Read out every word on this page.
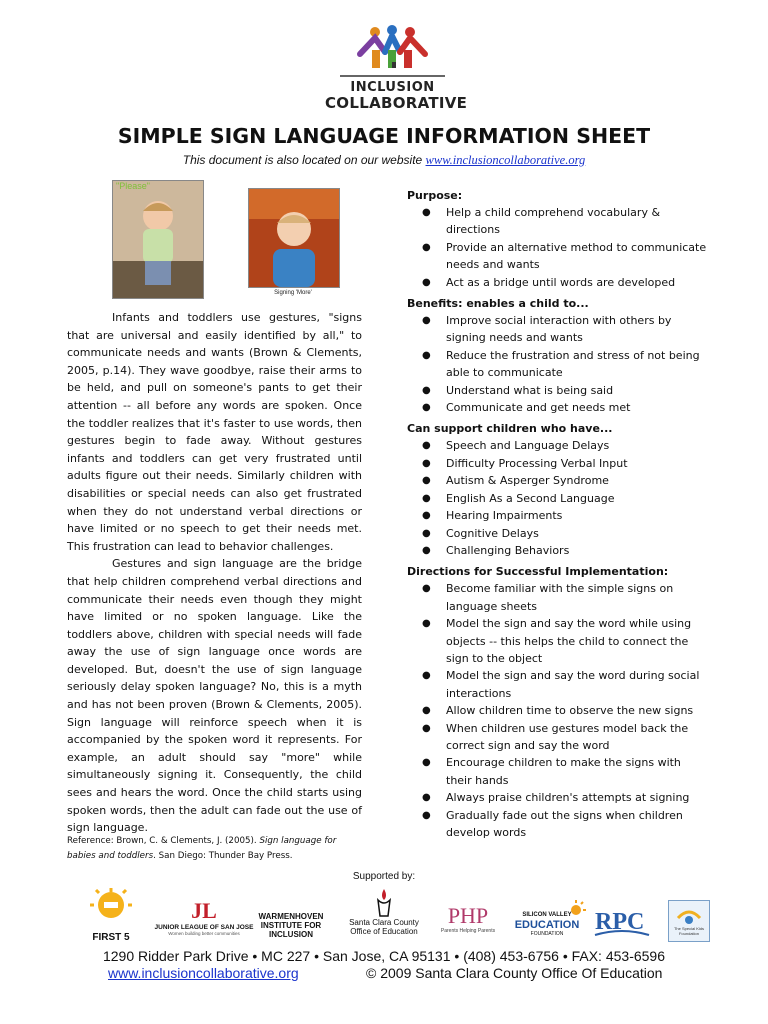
INCLUSION
COLLABORATIVE
SIMPLE SIGN LANGUAGE INFORMATION SHEET
This document is also located on our website www.inclusioncollaborative.org
"Please"
Signing 'More'

Infants and toddlers use gestures, "signs that are universal and easily identified by all," to communicate needs and wants (Brown & Clements, 2005, p.14). They wave goodbye, raise their arms to be held, and pull on someone's pants to get their attention -- all before any words are spoken. Once the toddler realizes that it's faster to use words, then gestures begin to fade away. Without gestures infants and toddlers can get very frustrated until adults figure out their needs. Similarly children with disabilities or special needs can also get frustrated when they do not understand verbal directions or have limited or no speech to get their needs met. This frustration can lead to behavior challenges.

Gestures and sign language are the bridge that help children comprehend verbal directions and communicate their needs even though they might have limited or no spoken language. Like the toddlers above, children with special needs will fade away the use of sign language once words are developed. But, doesn't the use of sign language seriously delay spoken language? No, this is a myth and has not been proven (Brown & Clements, 2005). Sign language will reinforce speech when it is accompanied by the spoken word it represents. For example, an adult should say "more" while simultaneously signing it. Consequently, the child sees and hears the word. Once the child starts using spoken words, then the adult can fade out the use of sign language.

Reference: Brown, C. & Clements, J. (2005). Sign language for babies and toddlers. San Diego: Thunder Bay Press.

Purpose:

● Help a child comprehend vocabulary & directions
● Provide an alternative method to communicate needs and wants
● Act as a bridge until words are developed

Benefits: enables a child to...

● Improve social interaction with others by signing needs and wants
● Reduce the frustration and stress of not being able to communicate
● Understand what is being said
● Communicate and get needs met

Can support children who have...

● Speech and Language Delays
● Difficulty Processing Verbal Input
● Autism & Asperger Syndrome
● English As a Second Language
● Hearing Impairments
● Cognitive Delays
● Challenging Behaviors

Directions for Successful Implementation:

● Become familiar with the simple signs on language sheets
● Model the sign and say the word while using objects -- this helps the child to connect the sign to the object
● Model the sign and say the word during social interactions
● Allow children time to observe the new signs
● When children use gestures model back the correct sign and say the word
● Encourage children to make the signs with their hands
● Always praise children's attempts at signing
● Gradually fade out the signs when children develop words
Supported by:
FIRST 5
JL
JUNIOR LEAGUE OF SAN JOSE
Women building better communities
WARMENHOVEN INSTITUTE FOR INCLUSION
Santa Clara County
Office of Education
PHP
Parents Helping Parents
SILICON VALLEY
EDUCATION
FOUNDATION	RPC	The Special Kids Foundation
1290 Ridder Park Drive • MC 227 • San Jose, CA 95131 • (408) 453-6756 • FAX: 453-6596
www.inclusioncollaborative.org	© 2009 Santa Clara County Office Of Education
